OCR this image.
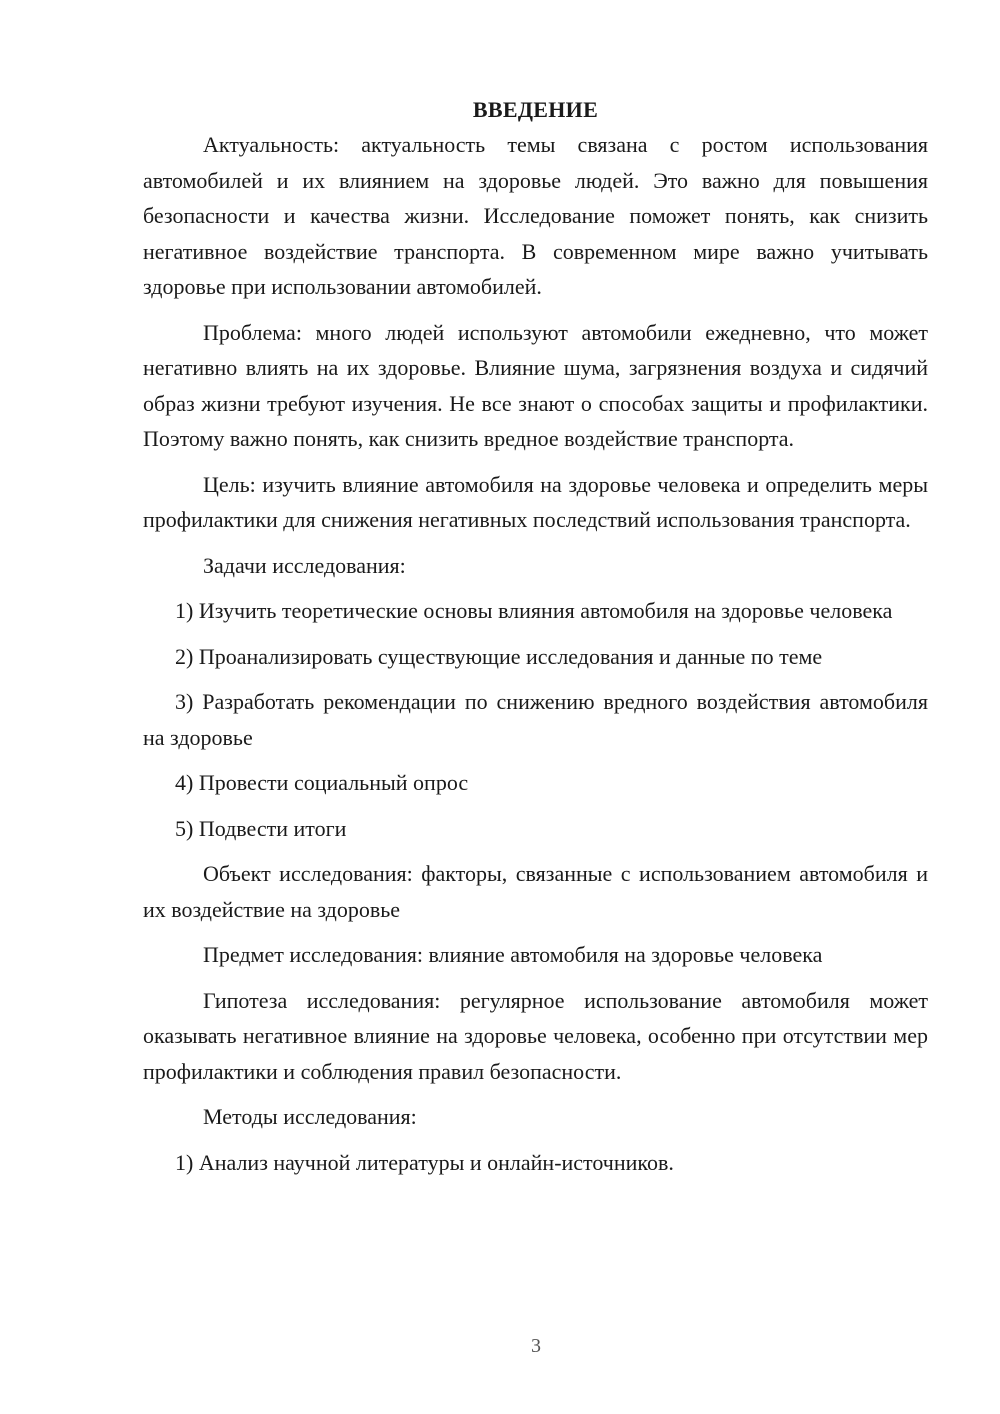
ВВЕДЕНИЕ

Актуальность: актуальность темы связана с ростом использования автомобилей и их влиянием на здоровье людей. Это важно для повышения безопасности и качества жизни. Исследование поможет понять, как снизить негативное воздействие транспорта. В современном мире важно учитывать здоровье при использовании автомобилей.

Проблема: много людей используют автомобили ежедневно, что может негативно влиять на их здоровье. Влияние шума, загрязнения воздуха и сидячий образ жизни требуют изучения. Не все знают о способах защиты и профилактики. Поэтому важно понять, как снизить вредное воздействие транспорта.

Цель: изучить влияние автомобиля на здоровье человека и определить меры профилактики для снижения негативных последствий использования транспорта.

Задачи исследования:

1) Изучить теоретические основы влияния автомобиля на здоровье человека

2) Проанализировать существующие исследования и данные по теме

3) Разработать рекомендации по снижению вредного воздействия автомобиля на здоровье

4) Провести социальный опрос

5) Подвести итоги

Объект исследования: факторы, связанные с использованием автомобиля и их воздействие на здоровье

Предмет исследования: влияние автомобиля на здоровье человека

Гипотеза исследования: регулярное использование автомобиля может оказывать негативное влияние на здоровье человека, особенно при отсутствии мер профилактики и соблюдения правил безопасности.

Методы исследования:

1) Анализ научной литературы и онлайн-источников.

3
